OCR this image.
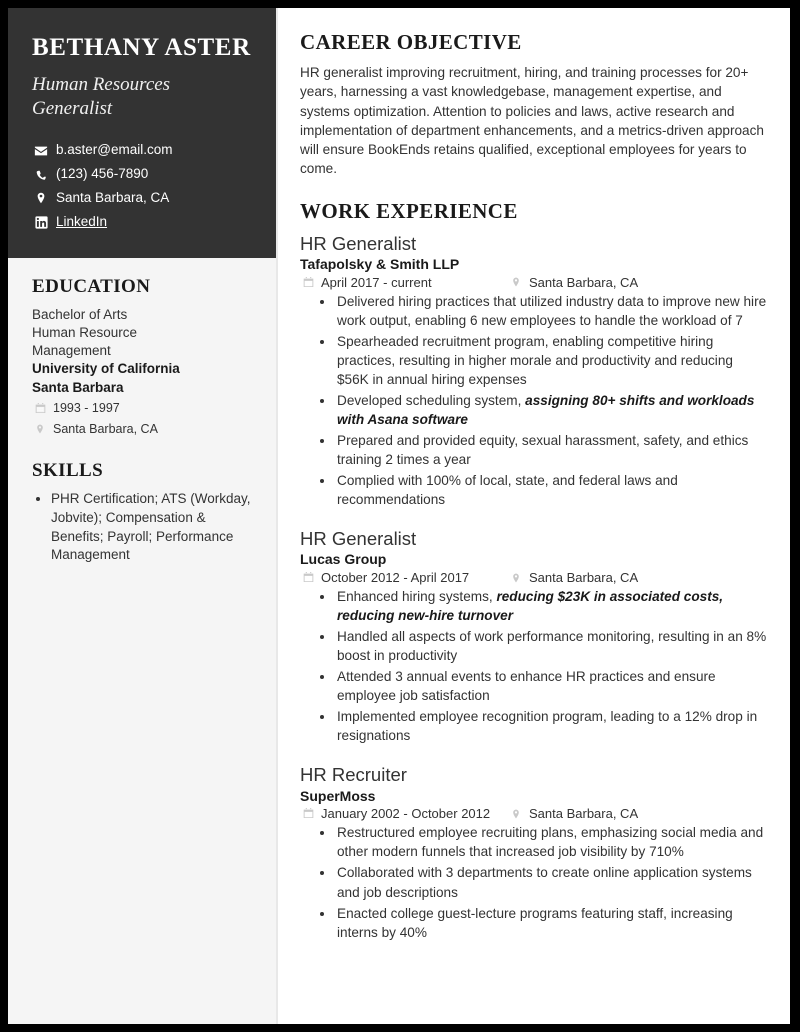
BETHANY ASTER
Human Resources Generalist
b.aster@email.com
(123) 456-7890
Santa Barbara, CA
LinkedIn
EDUCATION
Bachelor of Arts
Human Resource
Management
University of California
Santa Barbara
1993 - 1997
Santa Barbara, CA
SKILLS
• PHR Certification; ATS (Workday, Jobvite); Compensation & Benefits; Payroll; Performance Management
CAREER OBJECTIVE

HR generalist improving recruitment, hiring, and training processes for 20+ years, harnessing a vast knowledgebase, management expertise, and systems optimization. Attention to policies and laws, active research and implementation of department enhancements, and a metrics-driven approach will ensure BookEnds retains qualified, exceptional employees for years to come.

WORK EXPERIENCE
HR Generalist
Tafapolsky & Smith LLP
April 2017 - current	Santa Barbara, CA
• Delivered hiring practices that utilized industry data to improve new hire work output, enabling 6 new employees to handle the workload of 7
• Spearheaded recruitment program, enabling competitive hiring practices, resulting in higher morale and productivity and reducing $56K in annual hiring expenses
• Developed scheduling system, assigning 80+ shifts and workloads with Asana software
• Prepared and provided equity, sexual harassment, safety, and ethics training 2 times a year
• Complied with 100% of local, state, and federal laws and recommendations
HR Generalist
Lucas Group
October 2012 - April 2017	Santa Barbara, CA
• Enhanced hiring systems, reducing $23K in associated costs, reducing new-hire turnover
• Handled all aspects of work performance monitoring, resulting in an 8% boost in productivity
• Attended 3 annual events to enhance HR practices and ensure employee job satisfaction
• Implemented employee recognition program, leading to a 12% drop in resignations
HR Recruiter
SuperMoss
January 2002 - October 2012	Santa Barbara, CA
• Restructured employee recruiting plans, emphasizing social media and other modern funnels that increased job visibility by 710%
• Collaborated with 3 departments to create online application systems and job descriptions
• Enacted college guest-lecture programs featuring staff, increasing interns by 40%
